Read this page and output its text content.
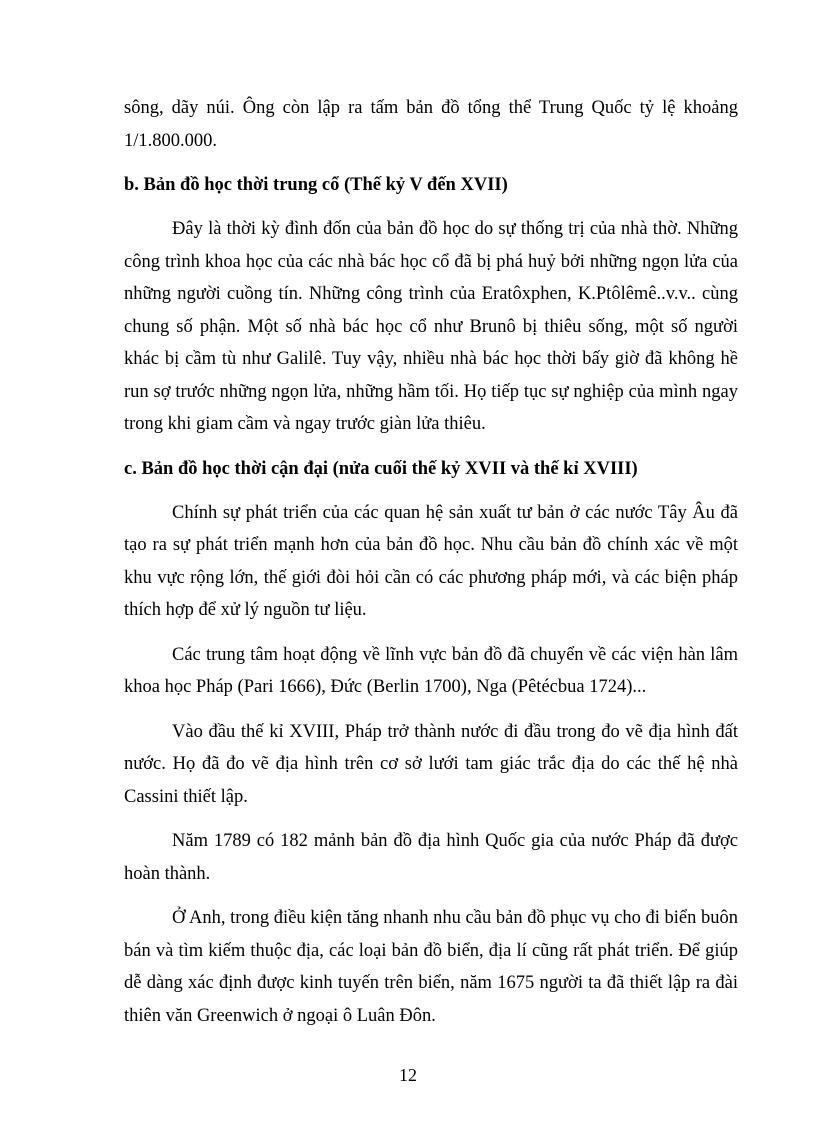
sông, dãy núi. Ông còn lập ra tấm bản đồ tổng thể Trung Quốc tỷ lệ khoảng 1/1.800.000.

b. Bản đồ học thời trung cổ (Thế kỷ V đến XVII)

Đây là thời kỳ đình đốn của bản đồ học do sự thống trị của nhà thờ. Những công trình khoa học của các nhà bác học cổ đã bị phá huỷ bởi những ngọn lửa của những người cuồng tín. Những công trình của Eratôxphen, K.Ptôlêmê..v.v.. cùng chung số phận. Một số nhà bác học cổ như Brunô bị thiêu sống, một số người khác bị cầm tù như Galilê. Tuy vậy, nhiều nhà bác học thời bấy giờ đã không hề run sợ trước những ngọn lửa, những hầm tối. Họ tiếp tục sự nghiệp của mình ngay trong khi giam cầm và ngay trước giàn lửa thiêu.

c. Bản đồ học thời cận đại (nửa cuối thế kỷ XVII và thế kỉ XVIII)

Chính sự phát triển của các quan hệ sản xuất tư bản ở các nước Tây Âu đã tạo ra sự phát triển mạnh hơn của bản đồ học. Nhu cầu bản đồ chính xác về một khu vực rộng lớn, thế giới đòi hỏi cần có các phương pháp mới, và các biện pháp thích hợp để xử lý nguồn tư liệu.

Các trung tâm hoạt động về lĩnh vực bản đồ đã chuyển về các viện hàn lâm khoa học Pháp (Pari 1666), Đức (Berlin 1700), Nga (Pêtécbua 1724)...

Vào đầu thế kỉ XVIII, Pháp trở thành nước đi đầu trong đo vẽ địa hình đất nước. Họ đã đo vẽ địa hình trên cơ sở lưới tam giác trắc địa do các thế hệ nhà Cassini thiết lập.

Năm 1789 có 182 mảnh bản đồ địa hình Quốc gia của nước Pháp đã được hoàn thành.

Ở Anh, trong điều kiện tăng nhanh nhu cầu bản đồ phục vụ cho đi biển buôn bán và tìm kiếm thuộc địa, các loại bản đồ biển, địa lí cũng rất phát triển. Để giúp dễ dàng xác định được kinh tuyến trên biển, năm 1675 người ta đã thiết lập ra đài thiên văn Greenwich ở ngoại ô Luân Đôn.

12
